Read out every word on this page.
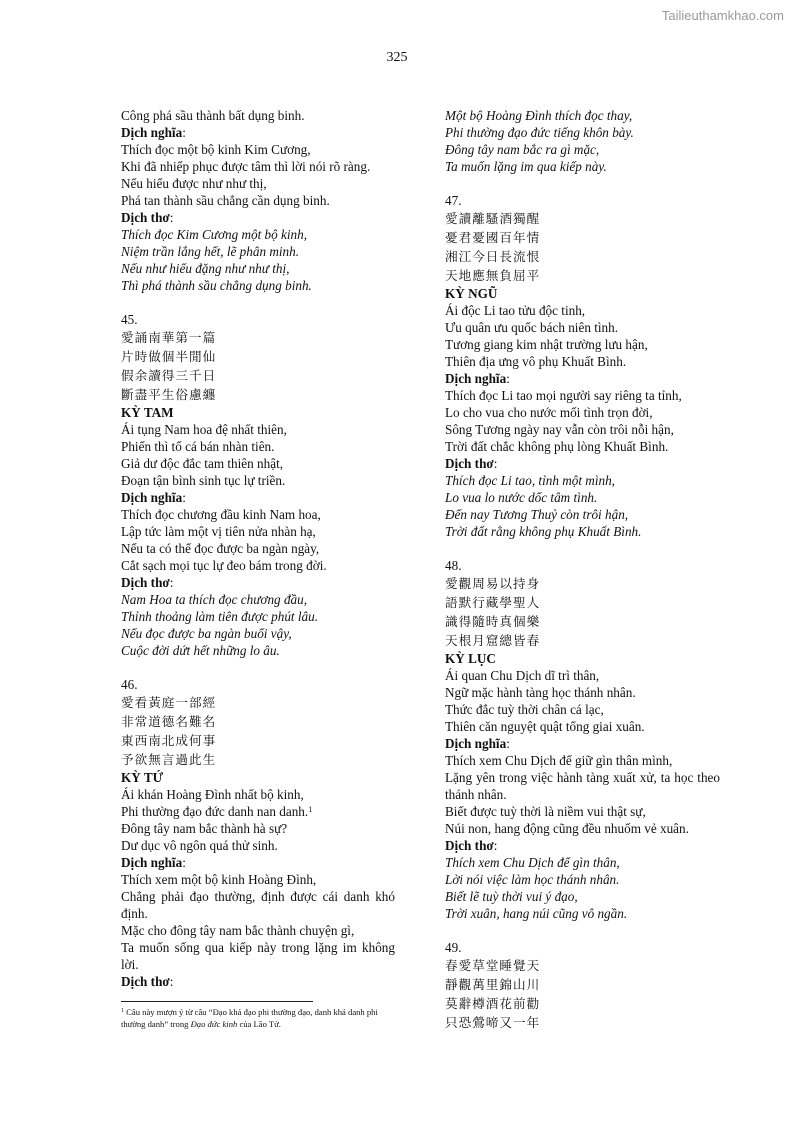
Tailieuthamkhao.com
325
Công phá sầu thành bất dụng binh.
Dịch nghĩa:
Thích đọc một bộ kinh Kim Cương,
Khi đã nhiếp phục được tâm thì lời nói rõ ràng.
Nếu hiểu được như như thị,
Phá tan thành sầu chẳng cần dụng binh.
Dịch thơ:
Thích đọc Kim Cương một bộ kinh,
Niệm trần lắng hết, lẽ phân minh.
Nếu như hiểu đặng như như thị,
Thì phá thành sầu chẳng dụng binh.
45.
愛誦南華第一篇
片時做個半閒仙
假余讀得三千日
斷盡平生俗慮纏
KỲ TAM
Ái tụng Nam hoa đệ nhất thiên,
Phiến thì tố cá bán nhàn tiên.
Giả dư độc đắc tam thiên nhật,
Đoạn tận bình sinh tục lự triền.
Dịch nghĩa:
Thích đọc chương đầu kinh Nam hoa,
Lập tức làm một vị tiên nửa nhàn hạ,
Nếu ta có thể đọc được ba ngàn ngày,
Cắt sạch mọi tục lự đeo bám trong đời.
Dịch thơ:
Nam Hoa ta thích đọc chương đầu,
Thỉnh thoảng làm tiên được phút lâu.
Nếu đọc được ba ngàn buổi vậy,
Cuộc đời dứt hết những lo âu.
46.
愛看黃庭一部經
非常道德名難名
東西南北成何事
予欲無言過此生
KỲ TỨ
Ái khán Hoàng Đình nhất bộ kinh,
Phi thường đạo đức danh nan danh.$^1$
Đông tây nam bắc thành hà sự?
Dư dục vô ngôn quá thử sinh.
Dịch nghĩa:
Thích xem một bộ kinh Hoàng Đình,
Chẳng phải đạo thường, định được cái danh khó định.
Mặc cho đông tây nam bắc thành chuyện gì,
Ta muốn sống qua kiếp này trong lặng im không lời.
Dịch thơ:
Một bộ Hoàng Đình thích đọc thay,
Phi thường đạo đức tiếng khôn bày.
Đông tây nam bắc ra gì mặc,
Ta muốn lặng im qua kiếp này.
47.
愛讀離騷酒獨醒
憂君憂國百年情
湘江今日長流恨
天地應無負屈平
KỲ NGŨ
Ái độc Li tao tửu độc tinh,
Ưu quân ưu quốc bách niên tình.
Tương giang kim nhật trường lưu hận,
Thiên địa ưng vô phụ Khuất Bình.
Dịch nghĩa:
Thích đọc Li tao mọi người say riêng ta tỉnh,
Lo cho vua cho nước mối tình trọn đời,
Sông Tương ngày nay vẫn còn trôi nỗi hận,
Trời đất chắc không phụ lòng Khuất Bình.
Dịch thơ:
Thích đọc Li tao, tỉnh một mình,
Lo vua lo nước dốc tâm tình.
Đến nay Tương Thuỷ còn trôi hận,
Trời đất rằng không phụ Khuất Bình.
48.
愛觀周易以持身
語默行藏學聖人
識得隨時真個樂
天根月窟總皆春
KỲ LỤC
Ái quan Chu Dịch dĩ trì thân,
Ngữ mặc hành tàng học thánh nhân.
Thức đắc tuỳ thời chân cá lạc,
Thiên căn nguyệt quật tổng giai xuân.
Dịch nghĩa:
Thích xem Chu Dịch để giữ gìn thân mình,
Lặng yên trong việc hành tàng xuất xử, ta học theo thánh nhân.
Biết được tuỳ thời là niềm vui thật sự,
Núi non, hang động cũng đều nhuốm vẻ xuân.
Dịch thơ:
Thích xem Chu Dịch để gìn thân,
Lời nói việc làm học thánh nhân.
Biết lẽ tuỳ thời vui ý đạo,
Trời xuân, hang núi cũng vô ngần.
49.
春愛草堂睡覺天
靜觀萬里錦山川
莫辭樽酒花前勸
只恐鶯啼又一年
$^1$ Câu này mượn ý từ câu “Đạo khả đạo phi thường đạo, danh khả danh phi thường danh” trong Đạo đức kinh của Lão Tử.
